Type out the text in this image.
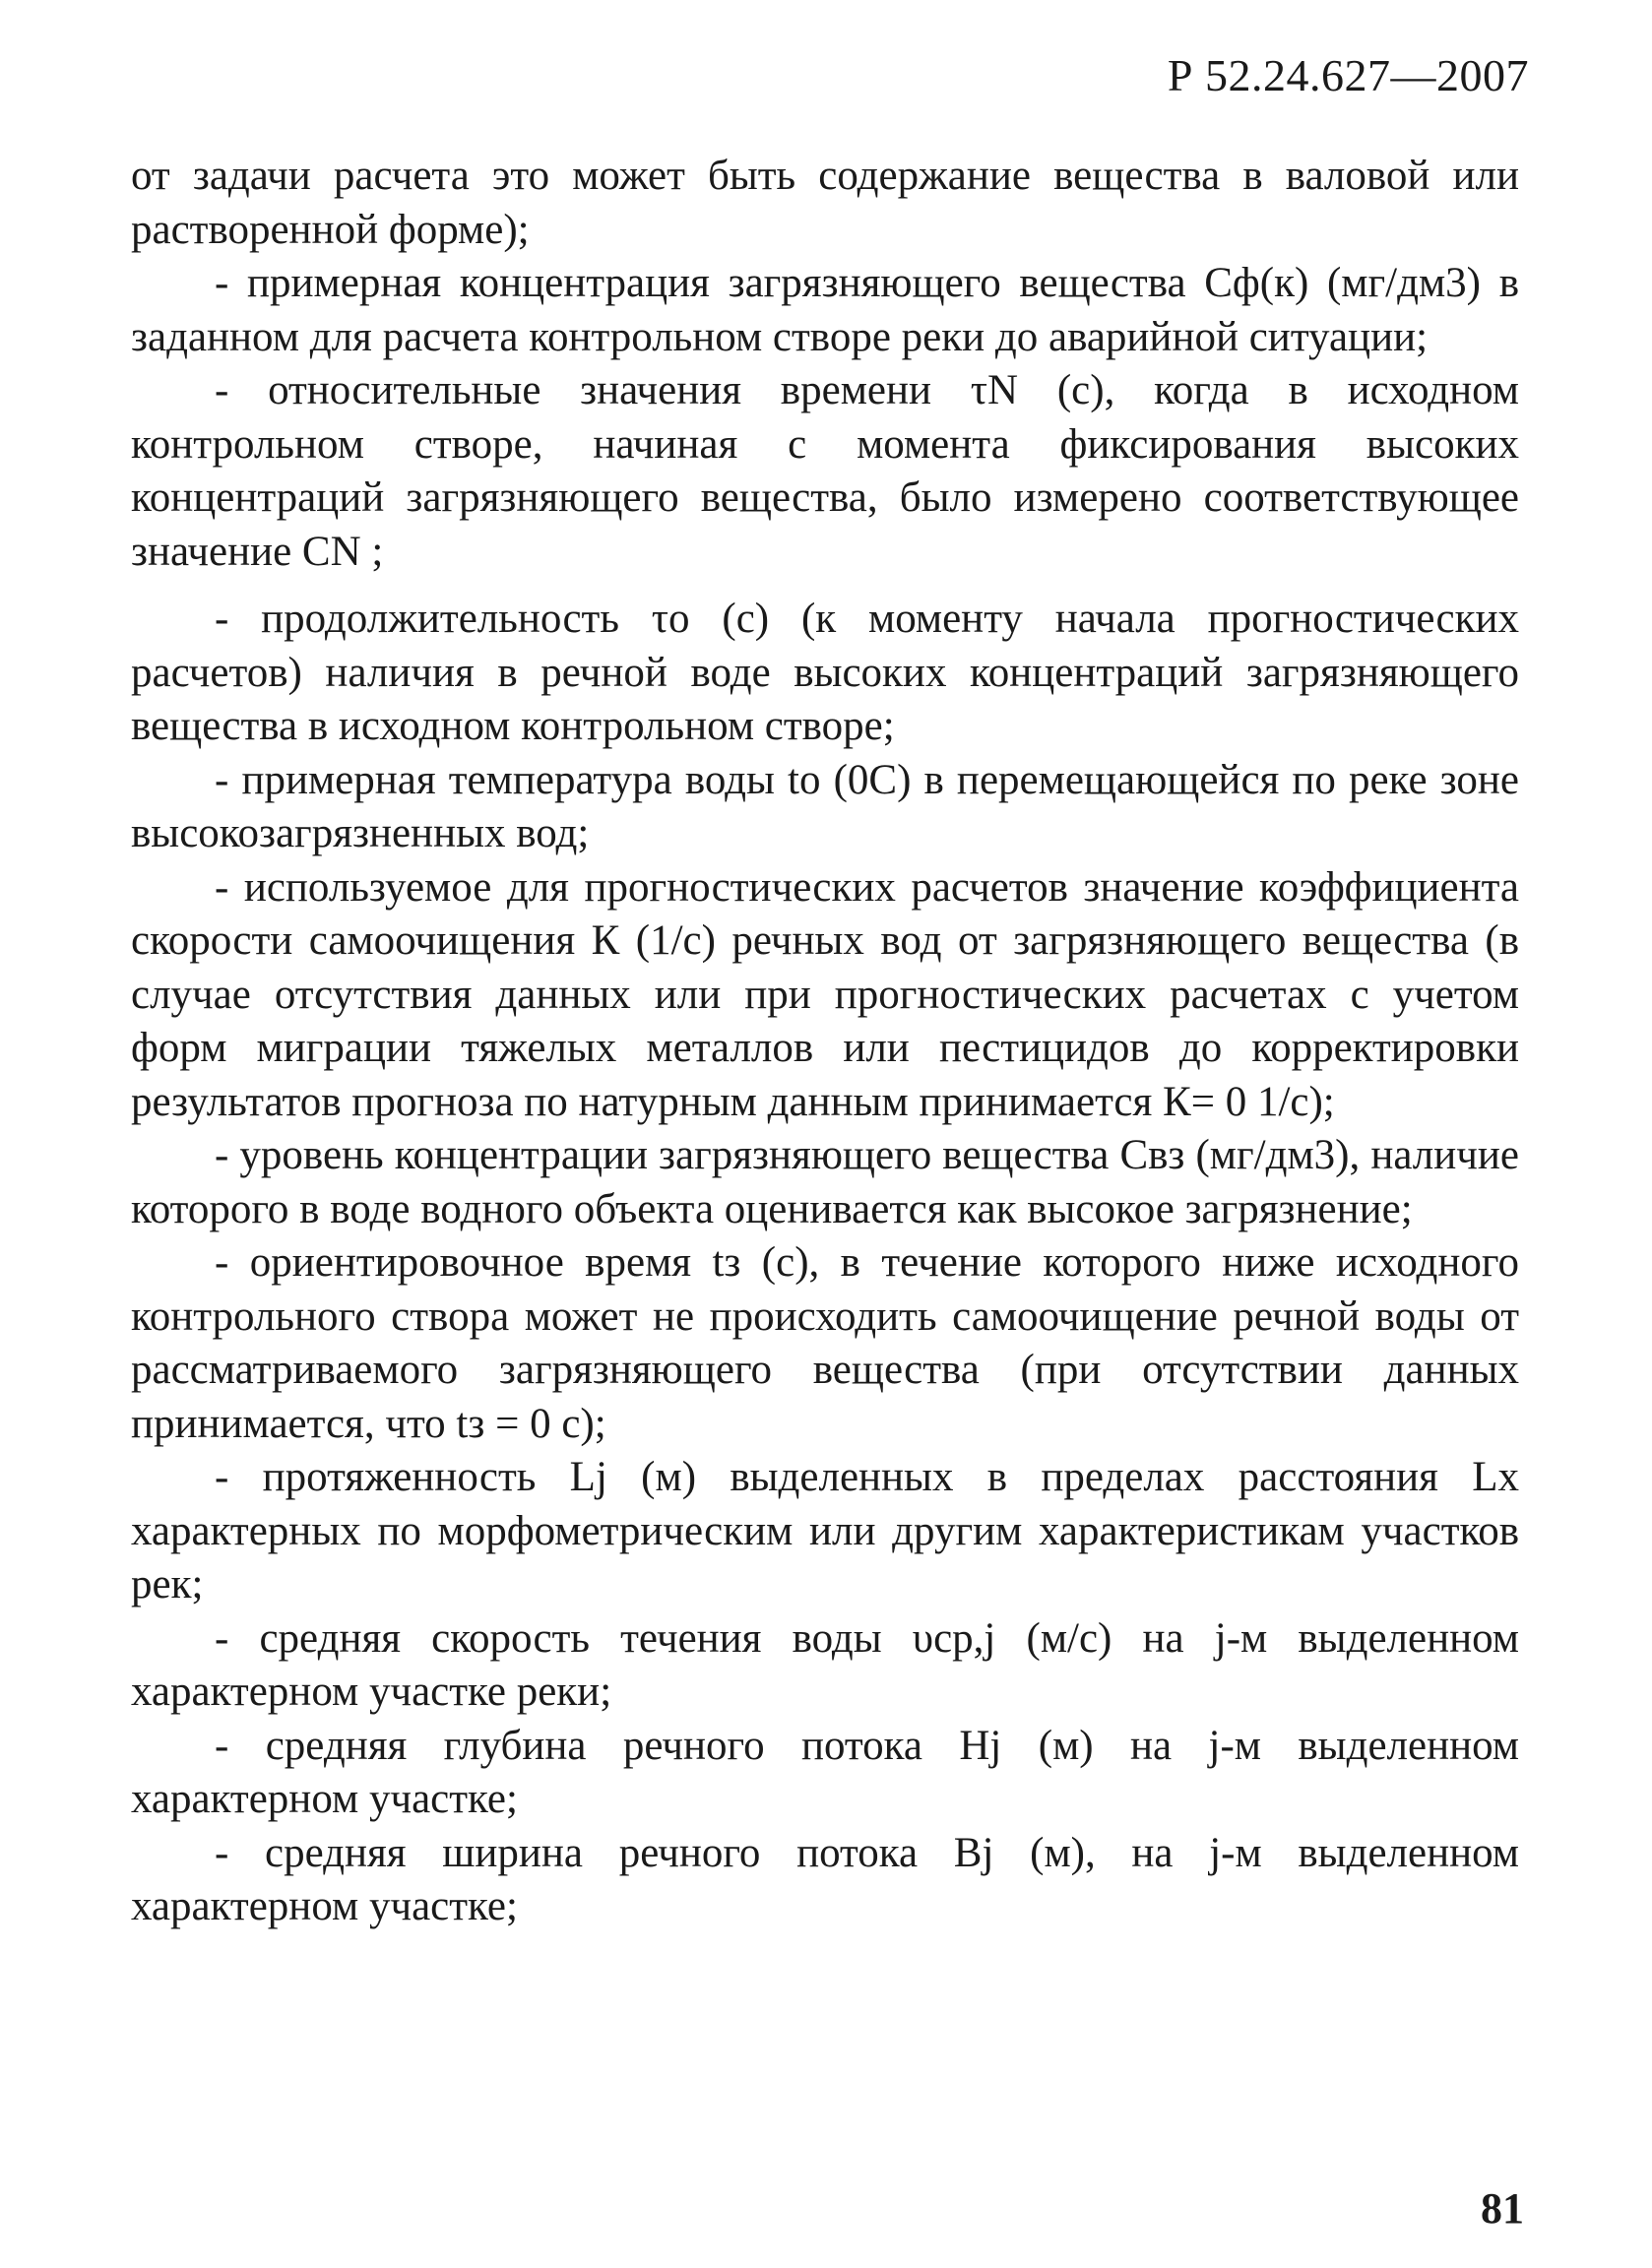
Р 52.24.627—2007

от задачи расчета это может быть содержание вещества в валовой или растворенной форме);

- примерная концентрация загрязняющего вещества Сф(к) (мг/дм3) в заданном для расчета контрольном створе реки до аварийной ситуации;

- относительные значения времени τN (с), когда в исходном контрольном створе, начиная с момента фиксирования высоких концентраций загрязняющего вещества, было измерено соответствующее значение CN ;

- продолжительность τо (с) (к моменту начала прогностических расчетов) наличия в речной воде высоких концентраций загрязняющего вещества в исходном контрольном створе;

- примерная температура воды to (0С) в перемещающейся по реке зоне высокозагрязненных вод;

- используемое для прогностических расчетов значение коэффициента скорости самоочищения К (1/с) речных вод от загрязняющего вещества (в случае отсутствия данных или при прогностических расчетах с учетом форм миграции тяжелых металлов или пестицидов до корректировки результатов прогноза по натурным данным принимается К= 0 1/с);

- уровень концентрации загрязняющего вещества Свз (мг/дм3), наличие которого в воде водного объекта оценивается как высокое загрязнение;

- ориентировочное время tз (с), в течение которого ниже исходного контрольного створа может не происходить самоочищение речной воды от рассматриваемого загрязняющего вещества (при отсутствии данных принимается, что tз = 0 с);

- протяженность Lj (м) выделенных в пределах расстояния Lx характерных по морфометрическим или другим характеристикам участков рек;

- средняя скорость течения воды υср,j (м/с) на j-м выделенном характерном участке реки;

- средняя глубина речного потока Hj (м) на j-м выделенном характерном участке;

- средняя ширина речного потока Bj (м), на j-м выделенном характерном участке;

81
